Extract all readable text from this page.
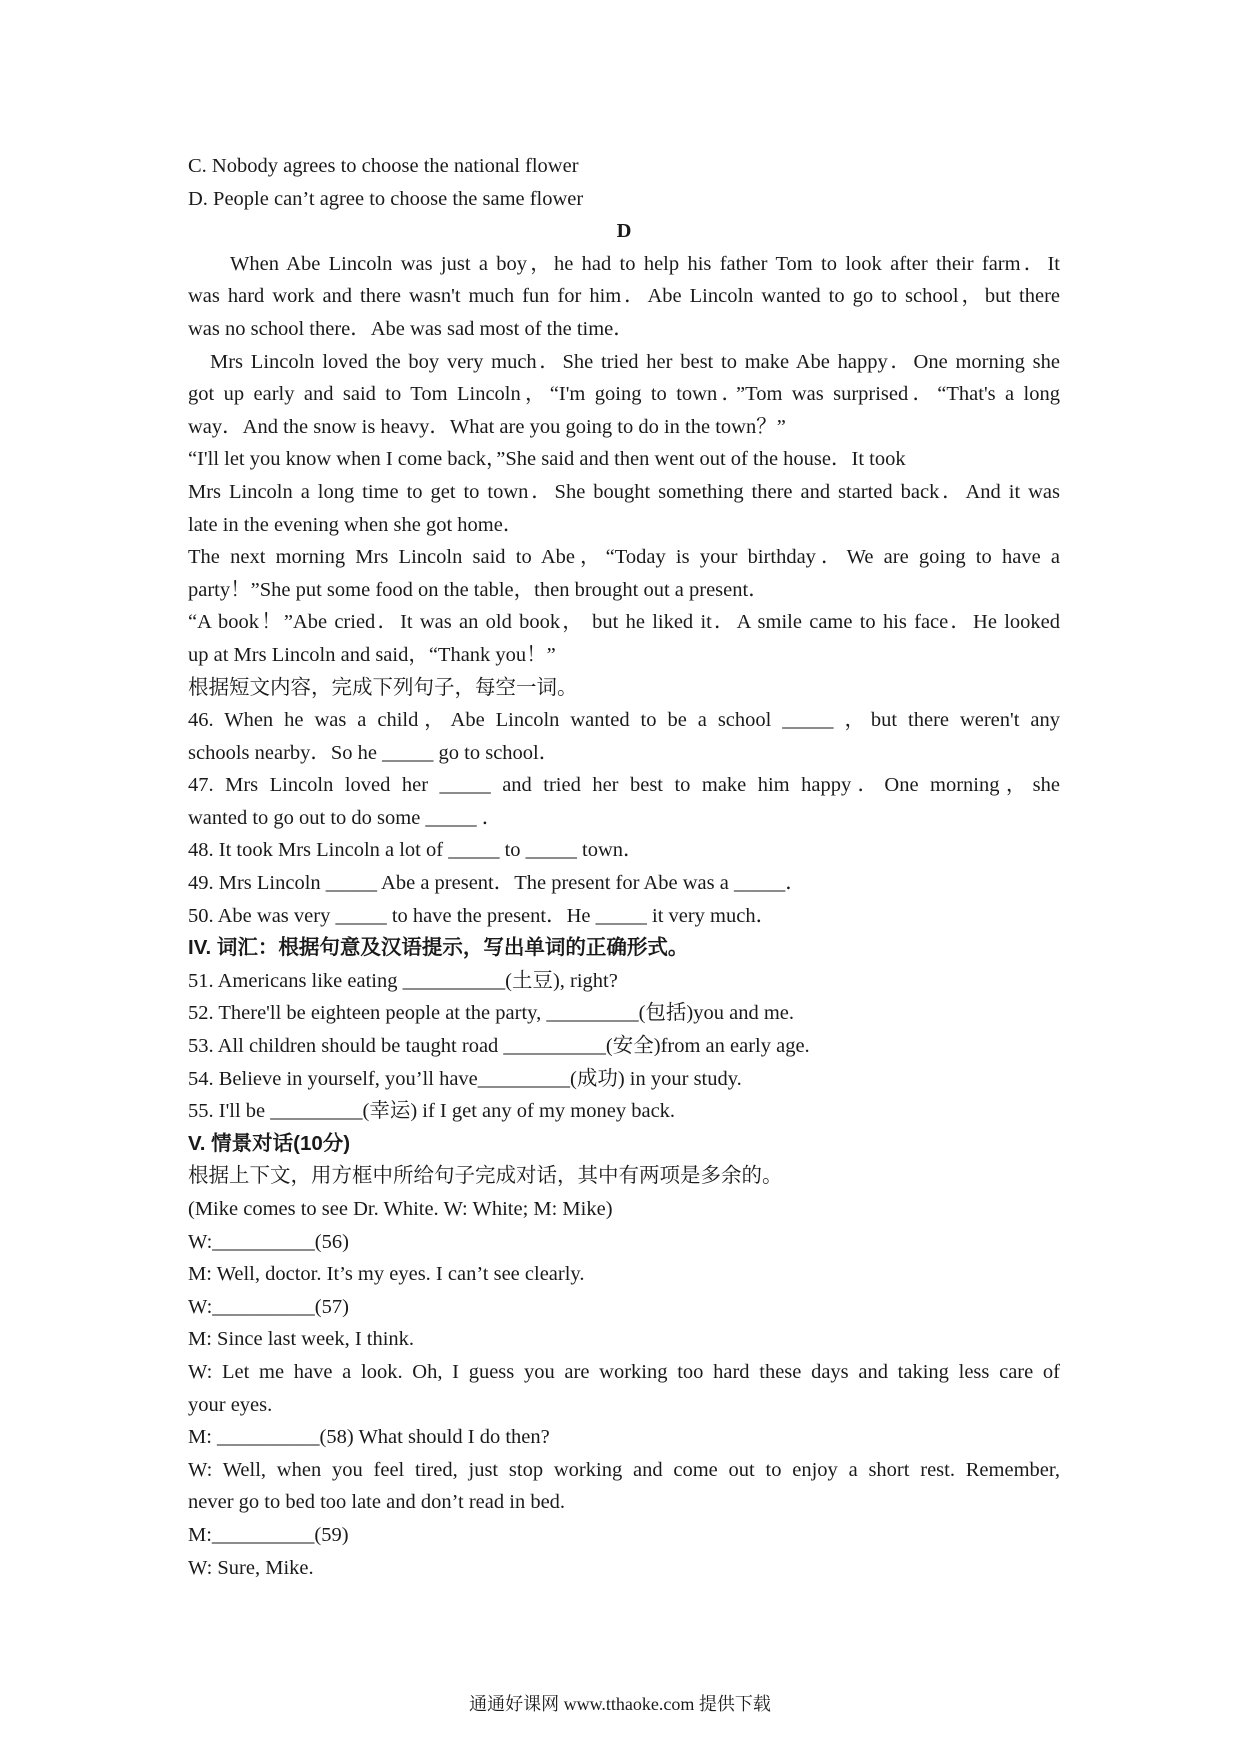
C. Nobody agrees to choose the national flower
D. People can’t agree to choose the same flower
D
When Abe Lincoln was just a boy，he had to help his father Tom to look after their farm．It
was hard work and there wasn't much fun for him．Abe Lincoln wanted to go to school，but there
was no school there．Abe was sad most of the time．
Mrs Lincoln loved the boy very much．She tried her best to make Abe happy．One morning she
got up early and said to Tom Lincoln，“I'm going to town．”Tom was surprised．“That's a long
way．And the snow is heavy．What are you going to do in the town？”
“I'll let you know when I come back，”She said and then went out of the house．It took
Mrs Lincoln a long time to get to town．She bought something there and started back．And it was
late in the evening when she got home．
The next morning Mrs Lincoln said to Abe，“Today is your birthday．We are going to have a
party！”She put some food on the table，then brought out a present．
“A book！”Abe cried．It was an old book， but he liked it．A smile came to his face．He looked
up at Mrs Lincoln and said，“Thank you！”
根据短文内容，完成下列句子，每空一词。
46. When he was a child，Abe Lincoln wanted to be a school _____ ，but there weren't any
schools nearby．So he _____ go to school．
47. Mrs Lincoln loved her _____ and tried her best to make him happy．One morning，she
wanted to go out to do some _____ ．
48. It took Mrs Lincoln a lot of _____ to _____ town．
49. Mrs Lincoln _____ Abe a present．The present for Abe was a _____．
50. Abe was very _____ to have the present．He _____ it very much．
IV. 词汇：根据句意及汉语提示，写出单词的正确形式。
51. Americans like eating __________(土豆), right?
52. There'll be eighteen people at the party, _________(包括)you and me.
53. All children should be taught road __________(安全)from an early age.
54. Believe in yourself, you’ll have_________(成功) in your study.
55. I'll be _________(幸运) if I get any of my money back.
V. 情景对话(10分)
根据上下文，用方框中所给句子完成对话，其中有两项是多余的。
(Mike comes to see Dr. White. W: White; M: Mike)
W:__________(56)
M: Well, doctor. It’s my eyes. I can’t see clearly.
W:__________(57)
M: Since last week, I think.
W: Let me have a look. Oh, I guess you are working too hard these days and taking less care of
your eyes.
M: __________(58) What should I do then?
W: Well, when you feel tired, just stop working and come out to enjoy a short rest. Remember,
never go to bed too late and don’t read in bed.
M:__________(59)
W: Sure, Mike.
通通好课网 www.tthaoke.com 提供下载
